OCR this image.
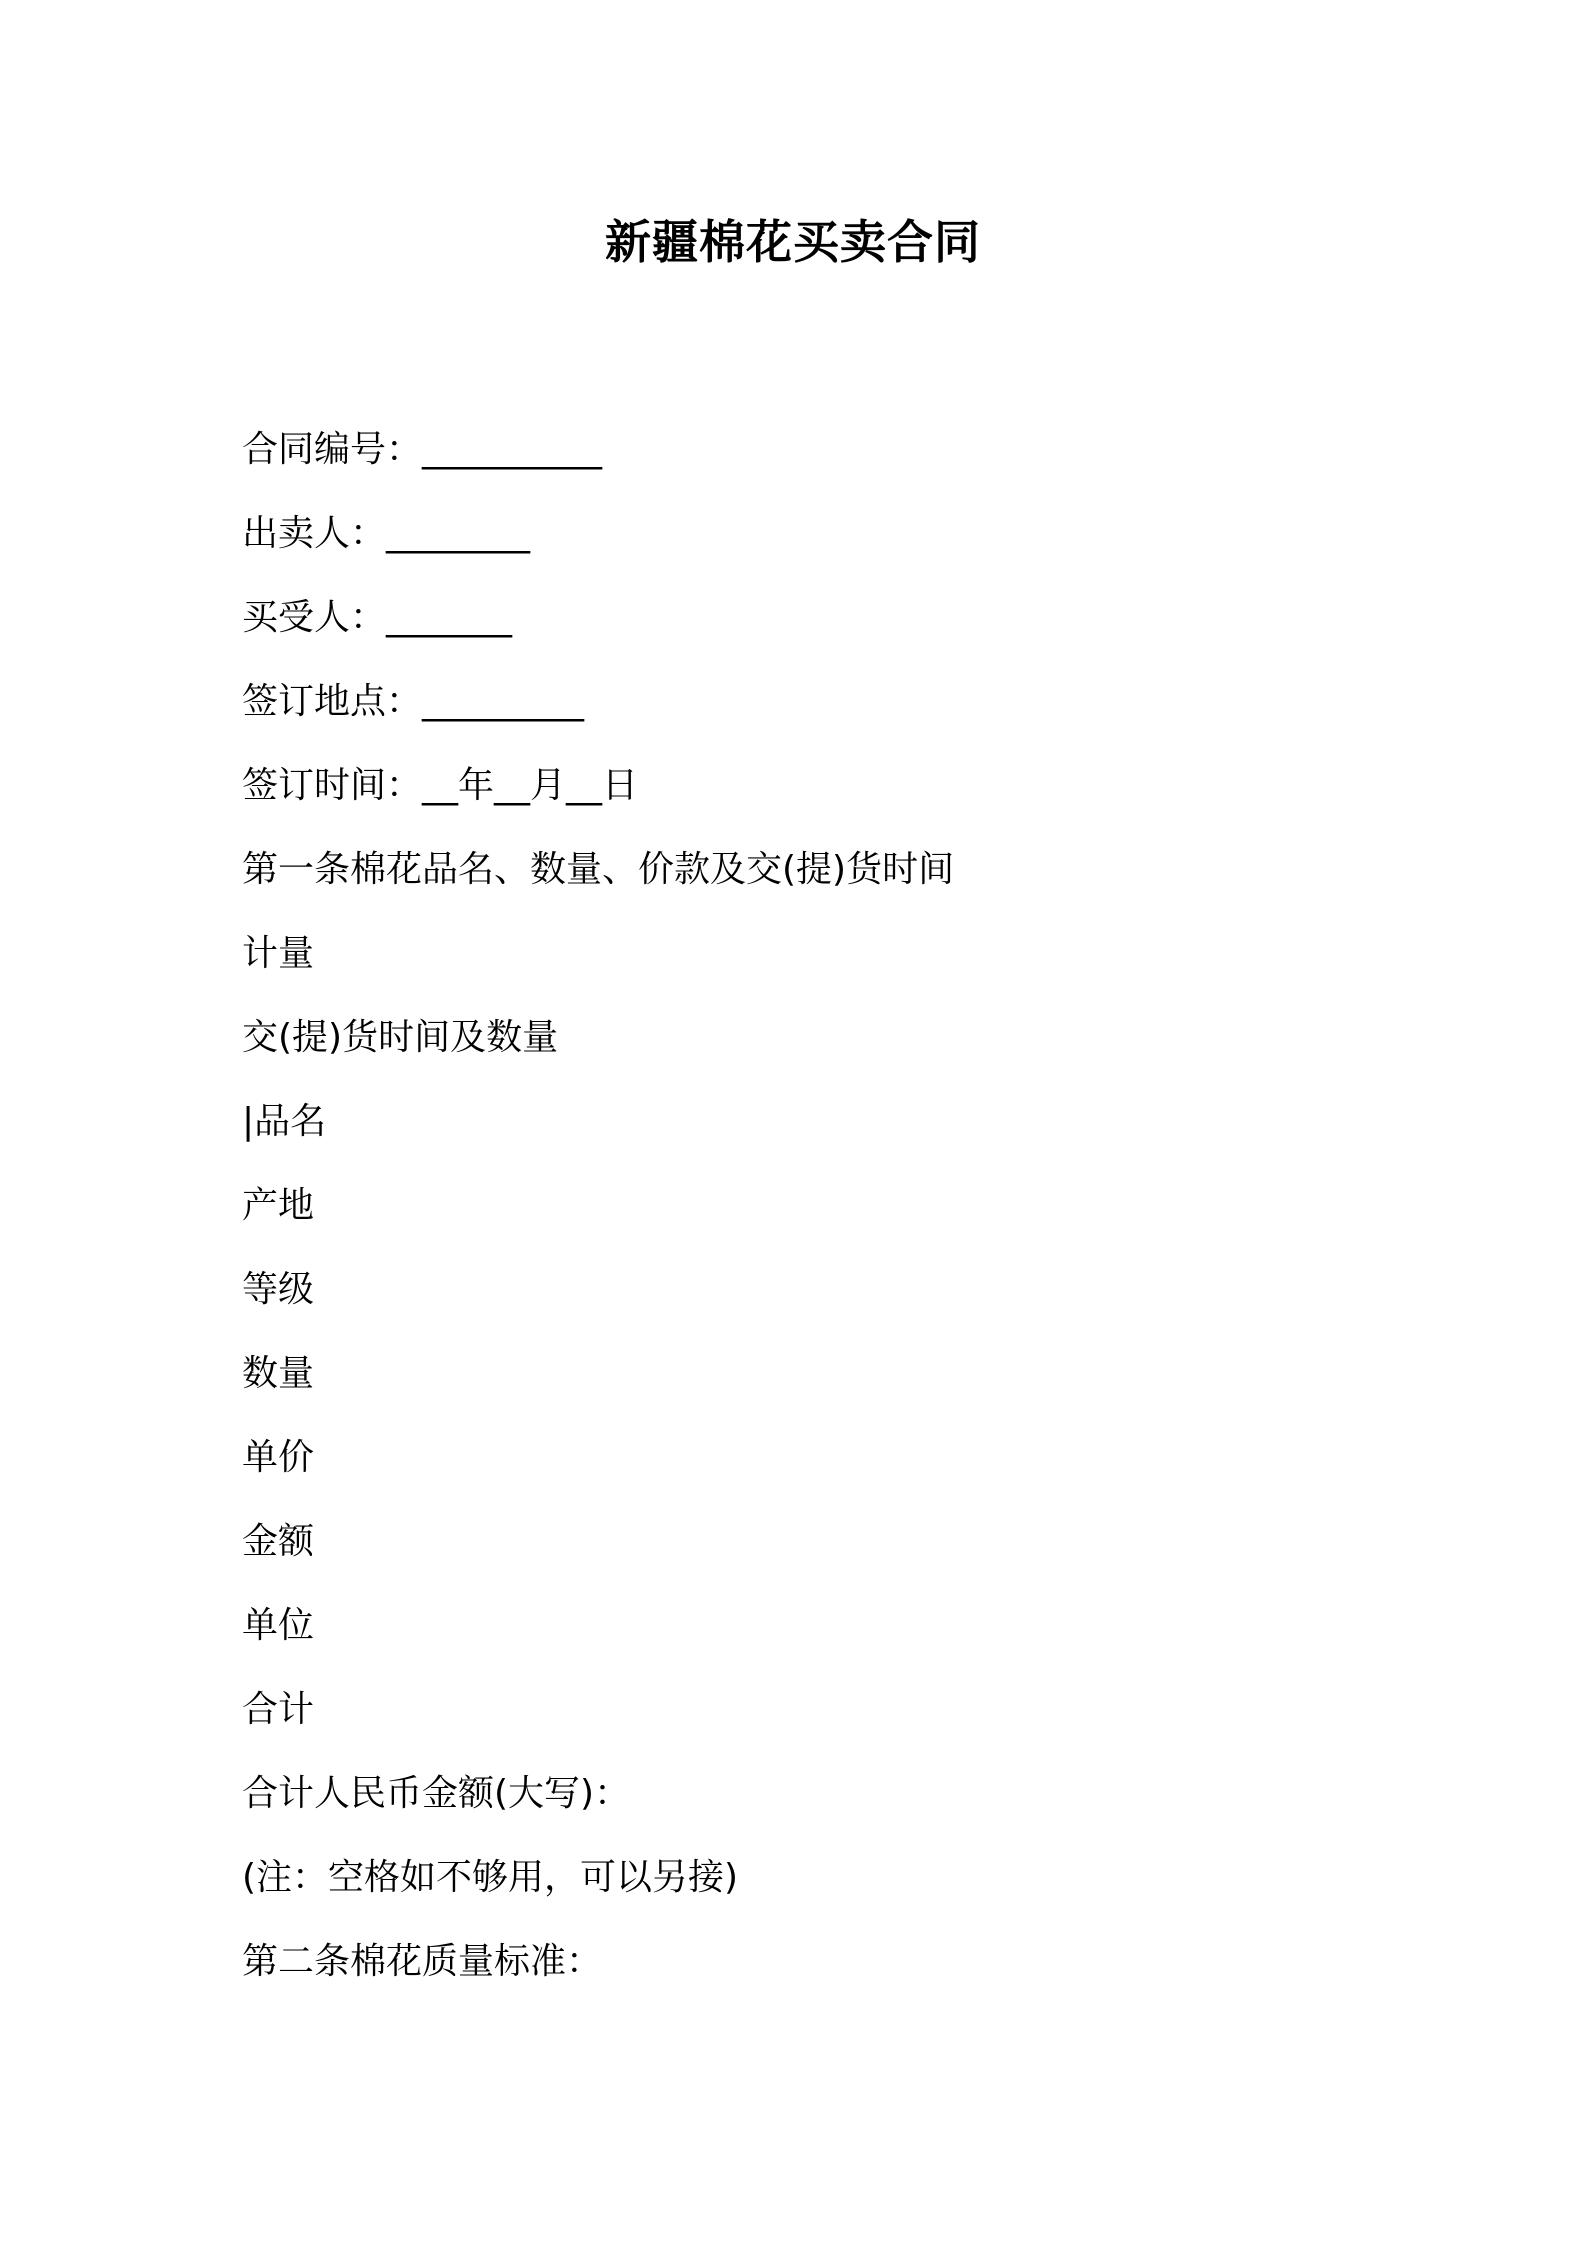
新疆棉花买卖合同

合同编号：__________

出卖人：________

买受人：_______

签订地点：_________

签订时间：__年__月__日

第一条棉花品名、数量、价款及交(提)货时间

计量

交(提)货时间及数量

|品名

产地

等级

数量

单价

金额

单位

合计

合计人民币金额(大写)：

(注：空格如不够用，可以另接)

第二条棉花质量标准：
